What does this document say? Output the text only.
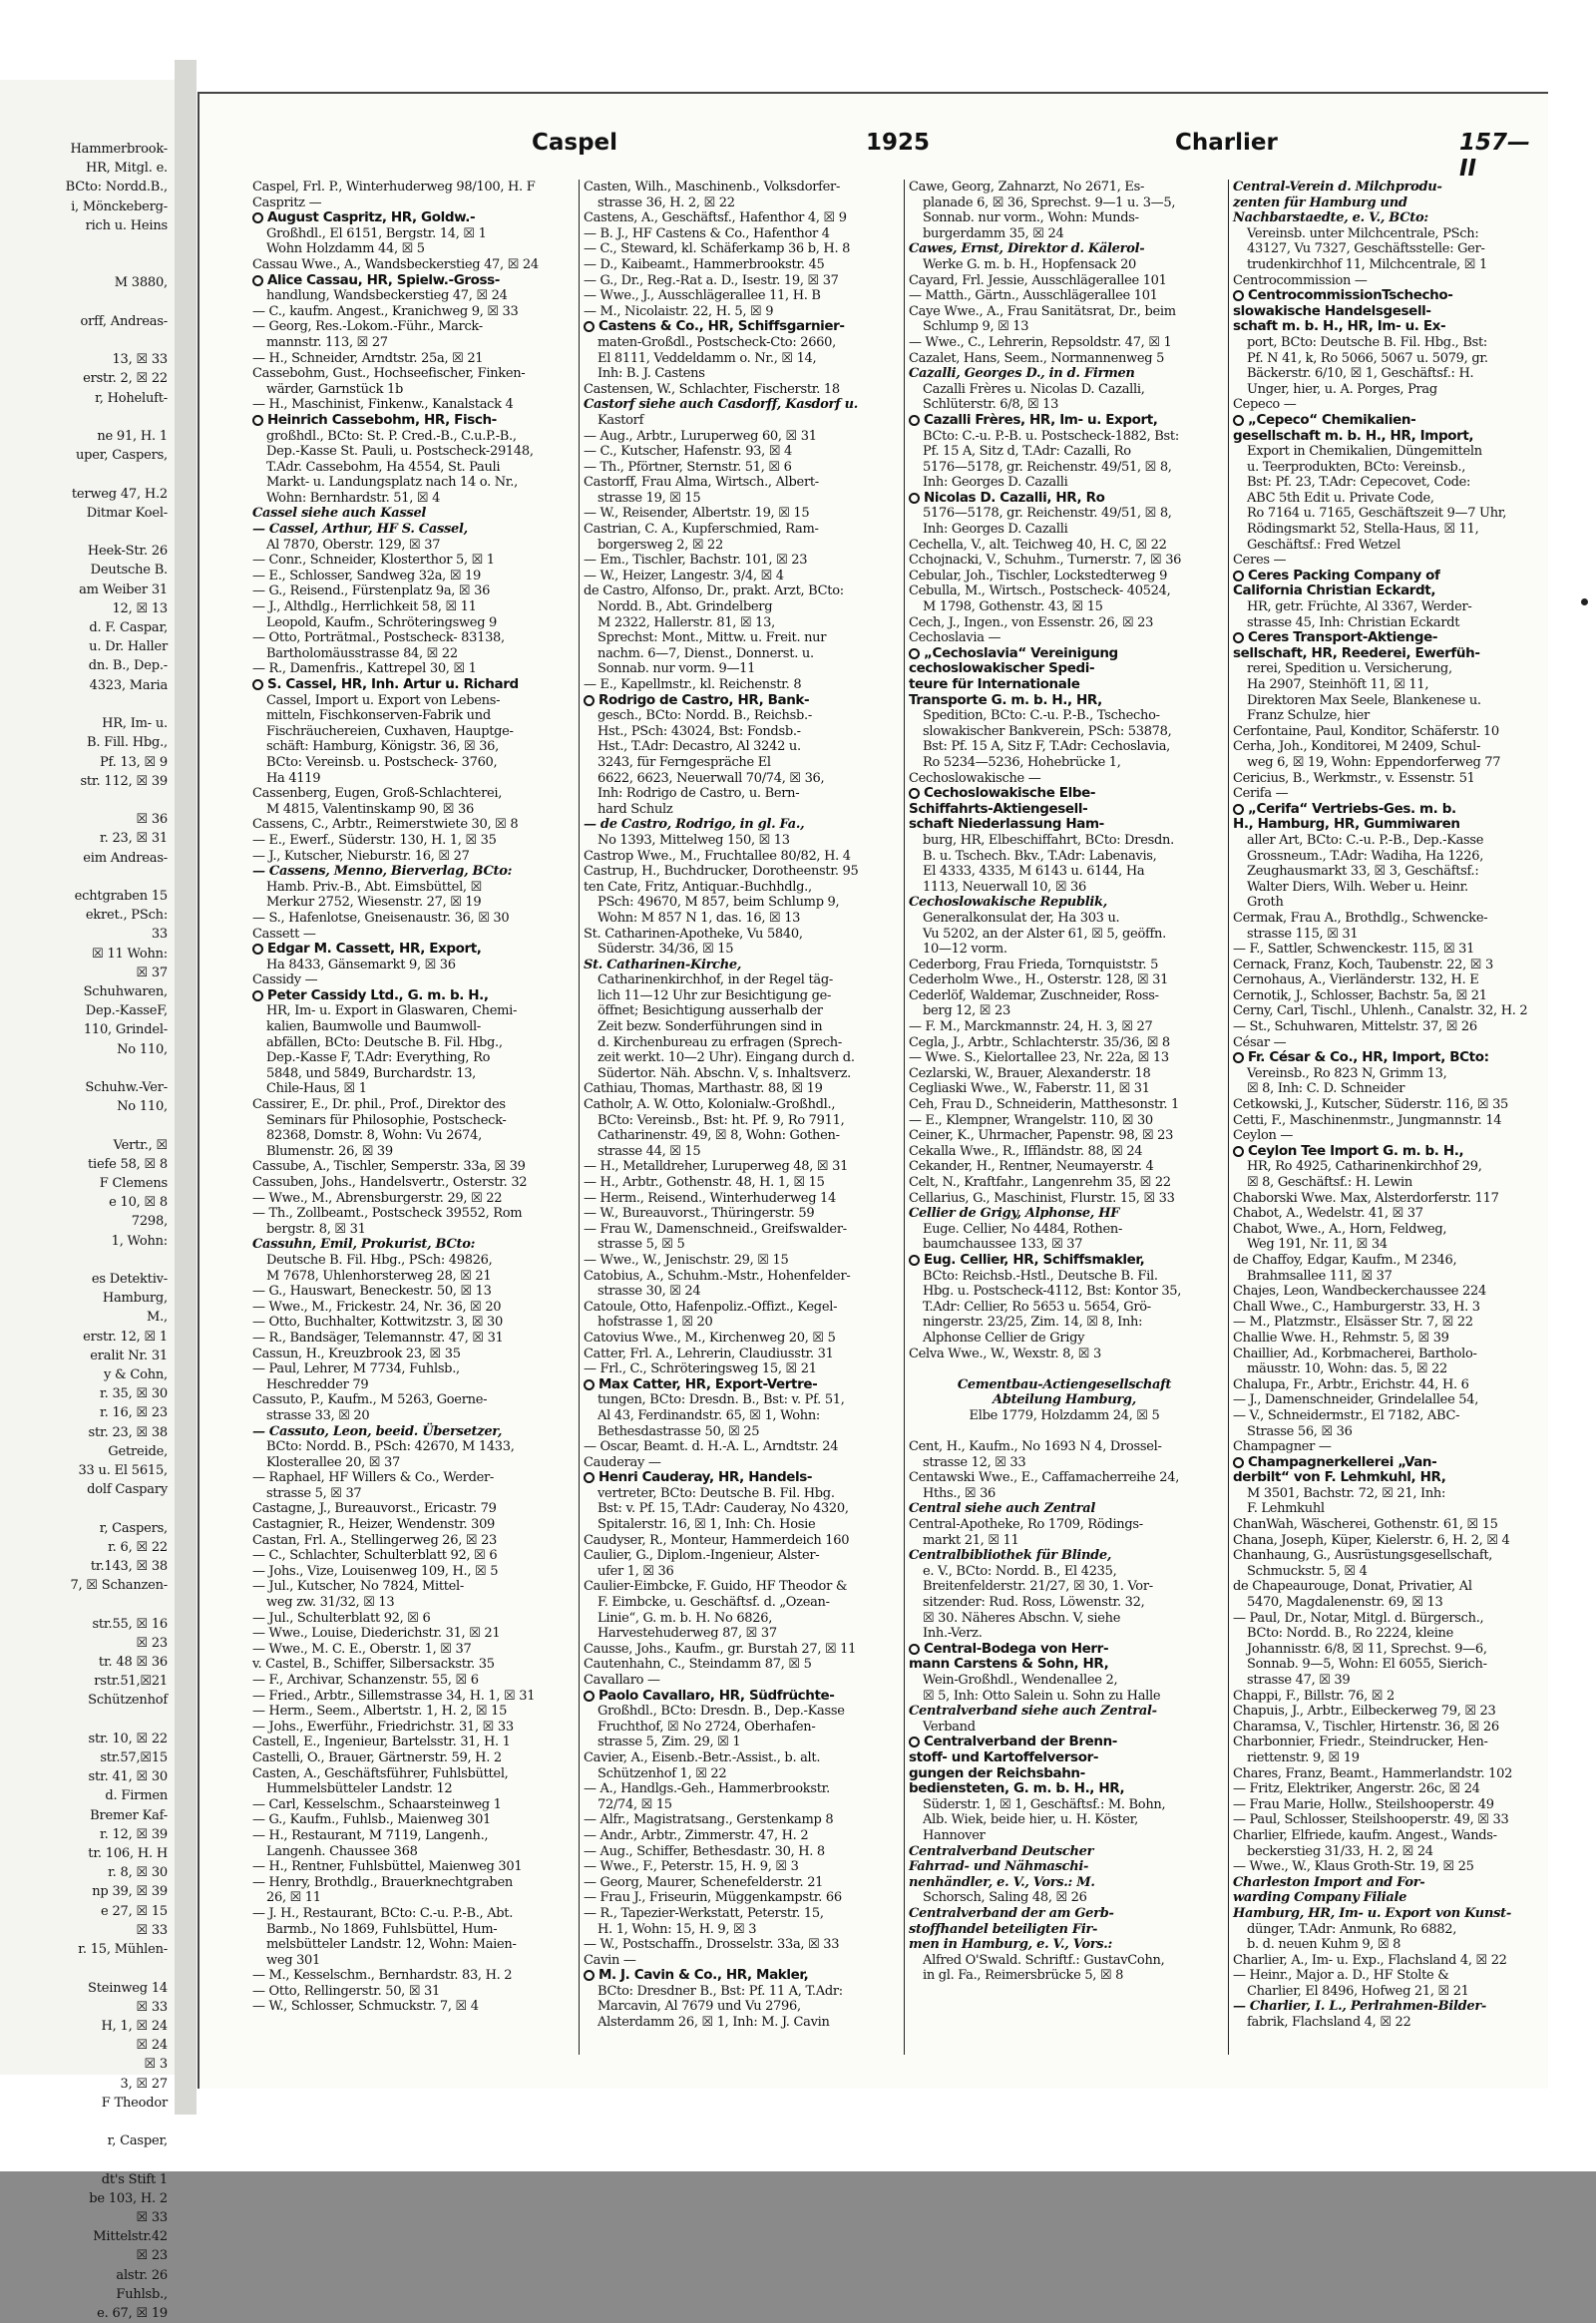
Hammerbrook-
HR, Mitgl. e.
BCto: Nordd.B.,
i, Mönckeberg-
rich u. Heins

M 3880,

orff, Andreas-

13, ☒ 33
erstr. 2, ☒ 22
r, Hoheluft-

ne 91, H. 1
uper, Caspers,

terweg 47, H.2
Ditmar Koel-

Heek-Str. 26
Deutsche B.
am Weiber 31
12, ☒ 13
d. F. Caspar,
u. Dr. Haller
dn. B., Dep.-
4323, Maria

HR, Im- u.
B. Fill. Hbg.,
Pf. 13, ☒ 9
str. 112, ☒ 39

☒ 36
r. 23, ☒ 31
eim Andreas-

echtgraben 15
ekret., PSch:
33
☒ 11 Wohn:
☒ 37
Schuhwaren,
Dep.-KasseF,
110, Grindel-
No 110,

Schuhw.-Ver-
No 110,

Vertr., ☒
tiefe 58, ☒ 8
F Clemens
e 10, ☒ 8
7298,
1, Wohn:

es Detektiv-
Hamburg,
M.,
erstr. 12, ☒ 1
eralit Nr. 31
y & Cohn,
r. 35, ☒ 30
r. 16, ☒ 23
str. 23, ☒ 38
Getreide,
33 u. El 5615,
dolf Caspary

r, Caspers,
r. 6, ☒ 22
tr.143, ☒ 38
7, ☒ Schanzen-

str.55, ☒ 16
☒ 23
tr. 48 ☒ 36
rstr.51,☒21
Schützenhof

str. 10, ☒ 22
str.57,☒15
str. 41, ☒ 30
d. Firmen
Bremer Kaf-
r. 12, ☒ 39
tr. 106, H. H
r. 8, ☒ 30
np 39, ☒ 39
e 27, ☒ 15
☒ 33
r. 15, Mühlen-

Steinweg 14
☒ 33
H, 1, ☒ 24
☒ 24
☒ 3
3, ☒ 27
F Theodor

r, Casper,

dt's Stift 1
be 103, H. 2
☒ 33
Mittelstr.42
☒ 23
alstr. 26
Fuhlsb.,
e. 67, ☒ 19
Caspel	1925	Charlier	157—II
Caspel, Frl. P., Winterhuderweg 98/100, H. F
Caspritz —
August Caspritz, HR, Goldw.-
Großhdl., El 6151, Bergstr. 14, ☒ 1
Wohn Holzdamm 44, ☒ 5
Cassau Wwe., A., Wandsbeckerstieg 47, ☒ 24
Alice Cassau, HR, Spielw.-Gross-
handlung, Wandsbeckerstieg 47, ☒ 24
— C., kaufm. Angest., Kranichweg 9, ☒ 33
— Georg, Res.-Lokom.-Führ., Marck-
mannstr. 113, ☒ 27
— H., Schneider, Arndtstr. 25a, ☒ 21
Cassebohm, Gust., Hochseefischer, Finken-
wärder, Garnstück 1b
— H., Maschinist, Finkenw., Kanalstack 4
Heinrich Cassebohm, HR, Fisch-
großhdl., BCto: St. P. Cred.-B., C.u.P.-B.,
Dep.-Kasse St. Pauli, u. Postscheck-29148,
T.Adr. Cassebohm, Ha 4554, St. Pauli
Markt- u. Landungsplatz nach 14 o. Nr.,
Wohn: Bernhardstr. 51, ☒ 4
Cassel siehe auch Kassel
— Cassel, Arthur, HF S. Cassel,
Al 7870, Oberstr. 129, ☒ 37
— Conr., Schneider, Klosterthor 5, ☒ 1
— E., Schlosser, Sandweg 32a, ☒ 19
— G., Reisend., Fürstenplatz 9a, ☒ 36
— J., Althdlg., Herrlichkeit 58, ☒ 11
Leopold, Kaufm., Schröteringsweg 9
— Otto, Porträtmal., Postscheck- 83138,
Bartholomäusstrasse 84, ☒ 22
— R., Damenfris., Kattrepel 30, ☒ 1
S. Cassel, HR, Inh. Artur u. Richard
Cassel, Import u. Export von Lebens-
mitteln, Fischkonserven-Fabrik und
Fischräuchereien, Cuxhaven, Hauptge-
schäft: Hamburg, Königstr. 36, ☒ 36,
BCto: Vereinsb. u. Postscheck- 3760,
Ha 4119
Cassenberg, Eugen, Groß-Schlachterei,
M 4815, Valentinskamp 90, ☒ 36
Cassens, C., Arbtr., Reimerstwiete 30, ☒ 8
— E., Ewerf., Süderstr. 130, H. 1, ☒ 35
— J., Kutscher, Nieburstr. 16, ☒ 27
— Cassens, Menno, Bierverlag, BCto:
Hamb. Priv.-B., Abt. Eimsbüttel, ☒
Merkur 2752, Wiesenstr. 27, ☒ 19
— S., Hafenlotse, Gneisenaustr. 36, ☒ 30
Cassett —
Edgar M. Cassett, HR, Export,
Ha 8433, Gänsemarkt 9, ☒ 36
Cassidy —
Peter Cassidy Ltd., G. m. b. H.,
HR, Im- u. Export in Glaswaren, Chemi-
kalien, Baumwolle und Baumwoll-
abfällen, BCto: Deutsche B. Fil. Hbg.,
Dep.-Kasse F, T.Adr: Everything, Ro
5848, und 5849, Burchardstr. 13,
Chile-Haus, ☒ 1
Cassirer, E., Dr. phil., Prof., Direktor des
Seminars für Philosophie, Postscheck-
82368, Domstr. 8, Wohn: Vu 2674,
Blumenstr. 26, ☒ 39
Cassube, A., Tischler, Semperstr. 33a, ☒ 39
Cassuben, Johs., Handelsvertr., Osterstr. 32
— Wwe., M., Abrensburgerstr. 29, ☒ 22
— Th., Zollbeamt., Postscheck 39552, Rom
bergstr. 8, ☒ 31
Cassuhn, Emil, Prokurist, BCto:
Deutsche B. Fil. Hbg., PSch: 49826,
M 7678, Uhlenhorsterweg 28, ☒ 21
— G., Hauswart, Beneckestr. 50, ☒ 13
— Wwe., M., Frickestr. 24, Nr. 36, ☒ 20
— Otto, Buchhalter, Kottwitzstr. 3, ☒ 30
— R., Bandsäger, Telemannstr. 47, ☒ 31
Cassun, H., Kreuzbrook 23, ☒ 35
— Paul, Lehrer, M 7734, Fuhlsb.,
Heschredder 79
Cassuto, P., Kaufm., M 5263, Goerne-
strasse 33, ☒ 20
— Cassuto, Leon, beeid. Übersetzer,
BCto: Nordd. B., PSch: 42670, M 1433,
Klosterallee 20, ☒ 37
— Raphael, HF Willers & Co., Werder-
strasse 5, ☒ 37
Castagne, J., Bureauvorst., Ericastr. 79
Castagnier, R., Heizer, Wendenstr. 309
Castan, Frl. A., Stellingerweg 26, ☒ 23
— C., Schlachter, Schulterblatt 92, ☒ 6
— Johs., Vize, Louisenweg 109, H., ☒ 5
— Jul., Kutscher, No 7824, Mittel-
weg zw. 31/32, ☒ 13
— Jul., Schulterblatt 92, ☒ 6
— Wwe., Louise, Diederichstr. 31, ☒ 21
— Wwe., M. C. E., Oberstr. 1, ☒ 37
v. Castel, B., Schiffer, Silbersackstr. 35
— F., Archivar, Schanzenstr. 55, ☒ 6
— Fried., Arbtr., Sillemstrasse 34, H. 1, ☒ 31
— Herm., Seem., Albertstr. 1, H. 2, ☒ 15
— Johs., Ewerführ., Friedrichstr. 31, ☒ 33
Castell, E., Ingenieur, Bartelsstr. 31, H. 1
Castelli, O., Brauer, Gärtnerstr. 59, H. 2
Casten, A., Geschäftsführer, Fuhlsbüttel,
Hummelsbütteler Landstr. 12
— Carl, Kesselschm., Schaarsteinweg 1
— G., Kaufm., Fuhlsb., Maienweg 301
— H., Restaurant, M 7119, Langenh.,
Langenh. Chaussee 368
— H., Rentner, Fuhlsbüttel, Maienweg 301
— Henry, Brothdlg., Brauerknechtgraben
26, ☒ 11
— J. H., Restaurant, BCto: C.-u. P.-B., Abt.
Barmb., No 1869, Fuhlsbüttel, Hum-
melsbütteler Landstr. 12, Wohn: Maien-
weg 301
— M., Kesselschm., Bernhardstr. 83, H. 2
— Otto, Rellingerstr. 50, ☒ 31
— W., Schlosser, Schmuckstr. 7, ☒ 4
Casten, Wilh., Maschinenb., Volksdorfer-
strasse 36, H. 2, ☒ 22
Castens, A., Geschäftsf., Hafenthor 4, ☒ 9
— B. J., HF Castens & Co., Hafenthor 4
— C., Steward, kl. Schäferkamp 36 b, H. 8
— D., Kaibeamt., Hammerbrookstr. 45
— G., Dr., Reg.-Rat a. D., Isestr. 19, ☒ 37
— Wwe., J., Ausschlägerallee 11, H. B
— M., Nicolaistr. 22, H. 5, ☒ 9
Castens & Co., HR, Schiffsgarnier-
maten-Großdl., Postscheck-Cto: 2660,
El 8111, Veddeldamm o. Nr., ☒ 14,
Inh: B. J. Castens
Castensen, W., Schlachter, Fischerstr. 18
Castorf siehe auch Casdorff, Kasdorf u.
Kastorf
— Aug., Arbtr., Luruperweg 60, ☒ 31
— C., Kutscher, Hafenstr. 93, ☒ 4
— Th., Pförtner, Sternstr. 51, ☒ 6
Castorff, Frau Alma, Wirtsch., Albert-
strasse 19, ☒ 15
— W., Reisender, Albertstr. 19, ☒ 15
Castrian, C. A., Kupferschmied, Ram-
borgersweg 2, ☒ 22
— Em., Tischler, Bachstr. 101, ☒ 23
— W., Heizer, Langestr. 3/4, ☒ 4
de Castro, Alfonso, Dr., prakt. Arzt, BCto:
Nordd. B., Abt. Grindelberg
M 2322, Hallerstr. 81, ☒ 13,
Sprechst: Mont., Mittw. u. Freit. nur
nachm. 6—7, Dienst., Donnerst. u.
Sonnab. nur vorm. 9—11
— E., Kapellmstr., kl. Reichenstr. 8
Rodrigo de Castro, HR, Bank-
gesch., BCto: Nordd. B., Reichsb.-
Hst., PSch: 43024, Bst: Fondsb.-
Hst., T.Adr: Decastro, Al 3242 u.
3243, für Ferngespräche El
6622, 6623, Neuerwall 70/74, ☒ 36,
Inh: Rodrigo de Castro, u. Bern-
hard Schulz
— de Castro, Rodrigo, in gl. Fa.,
No 1393, Mittelweg 150, ☒ 13
Castrop Wwe., M., Fruchtallee 80/82, H. 4
Castrup, H., Buchdrucker, Dorotheenstr. 95
ten Cate, Fritz, Antiquar.-Buchhdlg.,
PSch: 49670, M 857, beim Schlump 9,
Wohn: M 857 N 1, das. 16, ☒ 13
St. Catharinen-Apotheke, Vu 5840,
Süderstr. 34/36, ☒ 15
St. Catharinen-Kirche,
Catharinenkirchhof, in der Regel täg-
lich 11—12 Uhr zur Besichtigung ge-
öffnet; Besichtigung ausserhalb der
Zeit bezw. Sonderführungen sind in
d. Kirchenbureau zu erfragen (Sprech-
zeit werkt. 10—2 Uhr). Eingang durch d.
Südertor. Näh. Abschn. V, s. Inhaltsverz.
Cathiau, Thomas, Marthastr. 88, ☒ 19
Catholr, A. W. Otto, Kolonialw.-Großhdl.,
BCto: Vereinsb., Bst: ht. Pf. 9, Ro 7911,
Catharinenstr. 49, ☒ 8, Wohn: Gothen-
strasse 44, ☒ 15
— H., Metalldreher, Luruperweg 48, ☒ 31
— H., Arbtr., Gothenstr. 48, H. 1, ☒ 15
— Herm., Reisend., Winterhuderweg 14
— W., Bureauvorst., Thüringerstr. 59
— Frau W., Damenschneid., Greifswalder-
strasse 5, ☒ 5
— Wwe., W., Jenischstr. 29, ☒ 15
Catobius, A., Schuhm.-Mstr., Hohenfelder-
strasse 30, ☒ 24
Catoule, Otto, Hafenpoliz.-Offizt., Kegel-
hofstrasse 1, ☒ 20
Catovius Wwe., M., Kirchenweg 20, ☒ 5
Catter, Frl. A., Lehrerin, Claudiusstr. 31
— Frl., C., Schröteringsweg 15, ☒ 21
Max Catter, HR, Export-Vertre-
tungen, BCto: Dresdn. B., Bst: v. Pf. 51,
Al 43, Ferdinandstr. 65, ☒ 1, Wohn:
Bethesdastrasse 50, ☒ 25
— Oscar, Beamt. d. H.-A. L., Arndtstr. 24
Cauderay —
Henri Cauderay, HR, Handels-
vertreter, BCto: Deutsche B. Fil. Hbg.
Bst: v. Pf. 15, T.Adr: Cauderay, No 4320,
Spitalerstr. 16, ☒ 1, Inh: Ch. Hosie
Caudyser, R., Monteur, Hammerdeich 160
Caulier, G., Diplom.-Ingenieur, Alster-
ufer 1, ☒ 36
Caulier-Eimbcke, F. Guido, HF Theodor &
F. Eimbcke, u. Geschäftsf. d. „Ozean-
Linie“, G. m. b. H. No 6826,
Harvestehuderweg 87, ☒ 37
Causse, Johs., Kaufm., gr. Burstah 27, ☒ 11
Cautenhahn, C., Steindamm 87, ☒ 5
Cavallaro —
Paolo Cavallaro, HR, Südfrüchte-
Großhdl., BCto: Dresdn. B., Dep.-Kasse
Fruchthof, ☒ No 2724, Oberhafen-
strasse 5, Zim. 29, ☒ 1
Cavier, A., Eisenb.-Betr.-Assist., b. alt.
Schützenhof 1, ☒ 22
— A., Handlgs.-Geh., Hammerbrookstr.
72/74, ☒ 15
— Alfr., Magistratsang., Gerstenkamp 8
— Andr., Arbtr., Zimmerstr. 47, H. 2
— Aug., Schiffer, Bethesdastr. 30, H. 8
— Wwe., F., Peterstr. 15, H. 9, ☒ 3
— Georg, Maurer, Schenefelderstr. 21
— Frau J., Friseurin, Müggenkampstr. 66
— R., Tapezier-Werkstatt, Peterstr. 15,
H. 1, Wohn: 15, H. 9, ☒ 3
— W., Postschaffn., Drosselstr. 33a, ☒ 33
Cavin —
M. J. Cavin & Co., HR, Makler,
BCto: Dresdner B., Bst: Pf. 11 A, T.Adr:
Marcavin, Al 7679 und Vu 2796,
Alsterdamm 26, ☒ 1, Inh: M. J. Cavin
Cawe, Georg, Zahnarzt, No 2671, Es-
planade 6, ☒ 36, Sprechst. 9—1 u. 3—5,
Sonnab. nur vorm., Wohn: Munds-
burgerdamm 35, ☒ 24
Cawes, Ernst, Direktor d. Kälerol-
Werke G. m. b. H., Hopfensack 20
Cayard, Frl. Jessie, Ausschlägerallee 101
— Matth., Gärtn., Ausschlägerallee 101
Caye Wwe., A., Frau Sanitätsrat, Dr., beim
Schlump 9, ☒ 13
— Wwe., C., Lehrerin, Repsoldstr. 47, ☒ 1
Cazalet, Hans, Seem., Normannenweg 5
Cazalli, Georges D., in d. Firmen
Cazalli Frères u. Nicolas D. Cazalli,
Schlüterstr. 6/8, ☒ 13
Cazalli Frères, HR, Im- u. Export,
BCto: C.-u. P.-B. u. Postscheck-1882, Bst:
Pf. 15 A, Sitz d, T.Adr: Cazalli, Ro
5176—5178, gr. Reichenstr. 49/51, ☒ 8,
Inh: Georges D. Cazalli
Nicolas D. Cazalli, HR, Ro
5176—5178, gr. Reichenstr. 49/51, ☒ 8,
Inh: Georges D. Cazalli
Cechella, V., alt. Teichweg 40, H. C, ☒ 22
Cchojnacki, V., Schuhm., Turnerstr. 7, ☒ 36
Cebular, Joh., Tischler, Lockstedterweg 9
Cebulla, M., Wirtsch., Postscheck- 40524,
M 1798, Gothenstr. 43, ☒ 15
Cech, J., Ingen., von Essenstr. 26, ☒ 23
Cechoslavia —
„Cechoslavia“ Vereinigung
cechoslowakischer Spedi-
teure für Internationale
Transporte G. m. b. H., HR,
Spedition, BCto: C.-u. P.-B., Tschecho-
slowakischer Bankverein, PSch: 53878,
Bst: Pf. 15 A, Sitz F, T.Adr: Cechoslavia,
Ro 5234—5236, Hohebrücke 1,
Cechoslowakische —
Cechoslowakische Elbe-
Schiffahrts-Aktiengesell-
schaft Niederlassung Ham-
burg, HR, Elbeschiffahrt, BCto: Dresdn.
B. u. Tschech. Bkv., T.Adr: Labenavis,
El 4333, 4335, M 6143 u. 6144, Ha
1113, Neuerwall 10, ☒ 36
Cechoslowakische Republik,
Generalkonsulat der, Ha 303 u.
Vu 5202, an der Alster 61, ☒ 5, geöffn.
10—12 vorm.
Cederborg, Frau Frieda, Tornquiststr. 5
Cederholm Wwe., H., Osterstr. 128, ☒ 31
Cederlöf, Waldemar, Zuschneider, Ross-
berg 12, ☒ 23
— F. M., Marckmannstr. 24, H. 3, ☒ 27
Cegla, J., Arbtr., Schlachterstr. 35/36, ☒ 8
— Wwe. S., Kielortallee 23, Nr. 22a, ☒ 13
Cezlarski, W., Brauer, Alexanderstr. 18
Cegliaski Wwe., W., Faberstr. 11, ☒ 31
Ceh, Frau D., Schneiderin, Matthesonstr. 1
— E., Klempner, Wrangelstr. 110, ☒ 30
Ceiner, K., Uhrmacher, Papenstr. 98, ☒ 23
Cekalla Wwe., R., Iffländstr. 88, ☒ 24
Cekander, H., Rentner, Neumayerstr. 4
Celt, N., Kraftfahr., Langenrehm 35, ☒ 22
Cellarius, G., Maschinist, Flurstr. 15, ☒ 33
Cellier de Grigy, Alphonse, HF
Euge. Cellier, No 4484, Rothen-
baumchaussee 133, ☒ 37
Eug. Cellier, HR, Schiffsmakler,
BCto: Reichsb.-Hstl., Deutsche B. Fil.
Hbg. u. Postscheck-4112, Bst: Kontor 35,
T.Adr: Cellier, Ro 5653 u. 5654, Grö-
ningerstr. 23/25, Zim. 14, ☒ 8, Inh:
Alphonse Cellier de Grigy
Celva Wwe., W., Wexstr. 8, ☒ 3

Cementbau-Actiengesellschaft
Abteilung Hamburg,
Elbe 1779, Holzdamm 24, ☒ 5

Cent, H., Kaufm., No 1693 N 4, Drossel-
strasse 12, ☒ 33
Centawski Wwe., E., Caffamacherreihe 24,
Hths., ☒ 36
Central siehe auch Zentral
Central-Apotheke, Ro 1709, Rödings-
markt 21, ☒ 11
Centralbibliothek für Blinde,
e. V., BCto: Nordd. B., El 4235,
Breitenfelderstr. 21/27, ☒ 30, 1. Vor-
sitzender: Rud. Ross, Löwenstr. 32,
☒ 30. Näheres Abschn. V, siehe
Inh.-Verz.
Central-Bodega von Herr-
mann Carstens & Sohn, HR,
Wein-Großhdl., Wendenallee 2,
☒ 5, Inh: Otto Salein u. Sohn zu Halle
Centralverband siehe auch Zentral-
Verband
Centralverband der Brenn-
stoff- und Kartoffelversor-
gungen der Reichsbahn-
bediensteten, G. m. b. H., HR,
Süderstr. 1, ☒ 1, Geschäftsf.: M. Bohn,
Alb. Wiek, beide hier, u. H. Köster,
Hannover
Centralverband Deutscher
Fahrrad- und Nähmaschi-
nenhändler, e. V., Vors.: M.
Schorsch, Saling 48, ☒ 26
Centralverband der am Gerb-
stoffhandel beteiligten Fir-
men in Hamburg, e. V., Vors.:
Alfred O'Swald. Schriftf.: GustavCohn,
in gl. Fa., Reimersbrücke 5, ☒ 8
Central-Verein d. Milchprodu-
zenten für Hamburg und
Nachbarstaedte, e. V., BCto:
Vereinsb. unter Milchcentrale, PSch:
43127, Vu 7327, Geschäftsstelle: Ger-
trudenkirchhof 11, Milchcentrale, ☒ 1
Centrocommission —
CentrocommissionTschecho-
slowakische Handelsgesell-
schaft m. b. H., HR, Im- u. Ex-
port, BCto: Deutsche B. Fil. Hbg., Bst:
Pf. N 41, k, Ro 5066, 5067 u. 5079, gr.
Bäckerstr. 6/10, ☒ 1, Geschäftsf.: H.
Unger, hier, u. A. Porges, Prag
Cepeco —
„Cepeco“ Chemikalien-
gesellschaft m. b. H., HR, Import,
Export in Chemikalien, Düngemitteln
u. Teerprodukten, BCto: Vereinsb.,
Bst: Pf. 23, T.Adr: Cepecovet, Code:
ABC 5th Edit u. Private Code,
Ro 7164 u. 7165, Geschäftszeit 9—7 Uhr,
Rödingsmarkt 52, Stella-Haus, ☒ 11,
Geschäftsf.: Fred Wetzel
Ceres —
Ceres Packing Company of
California Christian Eckardt,
HR, getr. Früchte, Al 3367, Werder-
strasse 45, Inh: Christian Eckardt
Ceres Transport-Aktienge-
sellschaft, HR, Reederei, Ewerfüh-
rerei, Spedition u. Versicherung,
Ha 2907, Steinhöft 11, ☒ 11,
Direktoren Max Seele, Blankenese u.
Franz Schulze, hier
Cerfontaine, Paul, Konditor, Schäferstr. 10
Cerha, Joh., Konditorei, M 2409, Schul-
weg 6, ☒ 19, Wohn: Eppendorferweg 77
Cericius, B., Werkmstr., v. Essenstr. 51
Cerifa —
„Cerifa“ Vertriebs-Ges. m. b.
H., Hamburg, HR, Gummiwaren
aller Art, BCto: C.-u. P.-B., Dep.-Kasse
Grossneum., T.Adr: Wadiha, Ha 1226,
Zeughausmarkt 33, ☒ 3, Geschäftsf.:
Walter Diers, Wilh. Weber u. Heinr.
Groth
Cermak, Frau A., Brothdlg., Schwencke-
strasse 115, ☒ 31
— F., Sattler, Schwenckestr. 115, ☒ 31
Cernack, Franz, Koch, Taubenstr. 22, ☒ 3
Cernohaus, A., Vierländerstr. 132, H. E
Cernotik, J., Schlosser, Bachstr. 5a, ☒ 21
Cerny, Carl, Tischl., Uhlenh., Canalstr. 32, H. 2
— St., Schuhwaren, Mittelstr. 37, ☒ 26
César —
Fr. César & Co., HR, Import, BCto:
Vereinsb., Ro 823 N, Grimm 13,
☒ 8, Inh: C. D. Schneider
Cetkowski, J., Kutscher, Süderstr. 116, ☒ 35
Cetti, F., Maschinenmstr., Jungmannstr. 14
Ceylon —
Ceylon Tee Import G. m. b. H.,
HR, Ro 4925, Catharinenkirchhof 29,
☒ 8, Geschäftsf.: H. Lewin
Chaborski Wwe. Max, Alsterdorferstr. 117
Chabot, A., Wedelstr. 41, ☒ 37
Chabot, Wwe., A., Horn, Feldweg,
Weg 191, Nr. 11, ☒ 34
de Chaffoy, Edgar, Kaufm., M 2346,
Brahmsallee 111, ☒ 37
Chajes, Leon, Wandbeckerchaussee 224
Chall Wwe., C., Hamburgerstr. 33, H. 3
— M., Platzmstr., Elsässer Str. 7, ☒ 22
Challie Wwe. H., Rehmstr. 5, ☒ 39
Chaillier, Ad., Korbmacherei, Bartholo-
mäusstr. 10, Wohn: das. 5, ☒ 22
Chalupa, Fr., Arbtr., Erichstr. 44, H. 6
— J., Damenschneider, Grindelallee 54,
— V., Schneidermstr., El 7182, ABC-
Strasse 56, ☒ 36
Champagner —
Champagnerkellerei „Van-
derbilt“ von F. Lehmkuhl, HR,
M 3501, Bachstr. 72, ☒ 21, Inh:
F. Lehmkuhl
ChanWah, Wäscherei, Gothenstr. 61, ☒ 15
Chana, Joseph, Küper, Kielerstr. 6, H. 2, ☒ 4
Chanhaung, G., Ausrüstungsgesellschaft,
Schmuckstr. 5, ☒ 4
de Chapeaurouge, Donat, Privatier, Al
5470, Magdalenenstr. 69, ☒ 13
— Paul, Dr., Notar, Mitgl. d. Bürgersch.,
BCto: Nordd. B., Ro 2224, kleine
Johannisstr. 6/8, ☒ 11, Sprechst. 9—6,
Sonnab. 9—5, Wohn: El 6055, Sierich-
strasse 47, ☒ 39
Chappi, F., Billstr. 76, ☒ 2
Chapuis, J., Arbtr., Eilbeckerweg 79, ☒ 23
Charamsa, V., Tischler, Hirtenstr. 36, ☒ 26
Charbonnier, Friedr., Steindrucker, Hen-
riettenstr. 9, ☒ 19
Chares, Franz, Beamt., Hammerlandstr. 102
— Fritz, Elektriker, Angerstr. 26c, ☒ 24
— Frau Marie, Hollw., Steilshooperstr. 49
— Paul, Schlosser, Steilshooperstr. 49, ☒ 33
Charlier, Elfriede, kaufm. Angest., Wands-
beckerstieg 31/33, H. 2, ☒ 24
— Wwe., W., Klaus Groth-Str. 19, ☒ 25
Charleston Import and For-
warding Company Filiale
Hamburg, HR, Im- u. Export von Kunst-
dünger, T.Adr: Anmunk, Ro 6882,
b. d. neuen Kuhm 9, ☒ 8
Charlier, A., Im- u. Exp., Flachsland 4, ☒ 22
— Heinr., Major a. D., HF Stolte &
Charlier, El 8496, Hofweg 21, ☒ 21
— Charlier, I. L., Perlrahmen-Bilder-
fabrik, Flachsland 4, ☒ 22
